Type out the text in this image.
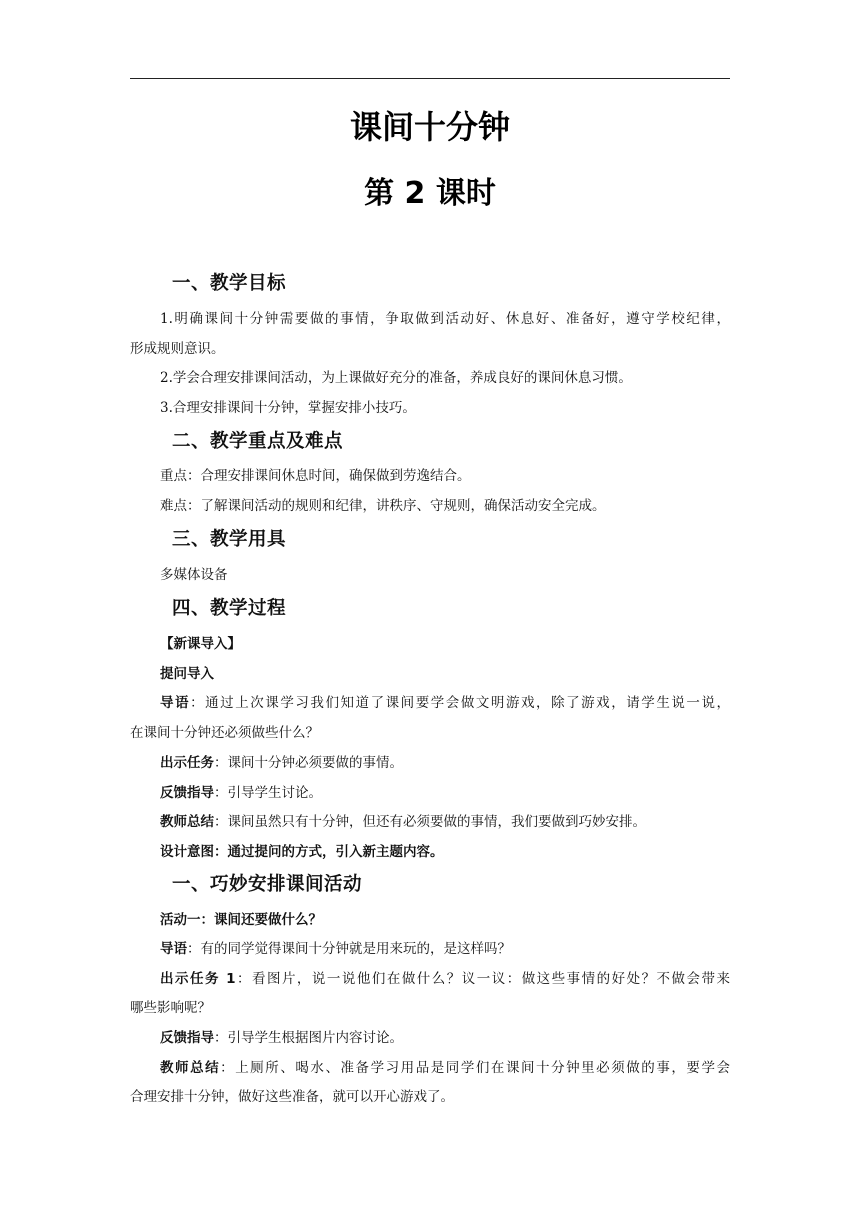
课间十分钟
第 2 课时
一、教学目标
1.明确课间十分钟需要做的事情，争取做到活动好、休息好、准备好，遵守学校纪律，
形成规则意识。
2.学会合理安排课间活动，为上课做好充分的准备，养成良好的课间休息习惯。
3.合理安排课间十分钟，掌握安排小技巧。
二、教学重点及难点
重点：合理安排课间休息时间，确保做到劳逸结合。
难点：了解课间活动的规则和纪律，讲秩序、守规则，确保活动安全完成。
三、教学用具
多媒体设备
四、教学过程
【新课导入】
提问导入
导语：通过上次课学习我们知道了课间要学会做文明游戏，除了游戏，请学生说一说，
在课间十分钟还必须做些什么？
出示任务：课间十分钟必须要做的事情。
反馈指导：引导学生讨论。
教师总结：课间虽然只有十分钟，但还有必须要做的事情，我们要做到巧妙安排。
设计意图：通过提问的方式，引入新主题内容。
一、巧妙安排课间活动
活动一：课间还要做什么？
导语：有的同学觉得课间十分钟就是用来玩的，是这样吗？
出示任务 1：看图片，说一说他们在做什么？议一议：做这些事情的好处？不做会带来
哪些影响呢？
反馈指导：引导学生根据图片内容讨论。
教师总结：上厕所、喝水、准备学习用品是同学们在课间十分钟里必须做的事，要学会
合理安排十分钟，做好这些准备，就可以开心游戏了。
